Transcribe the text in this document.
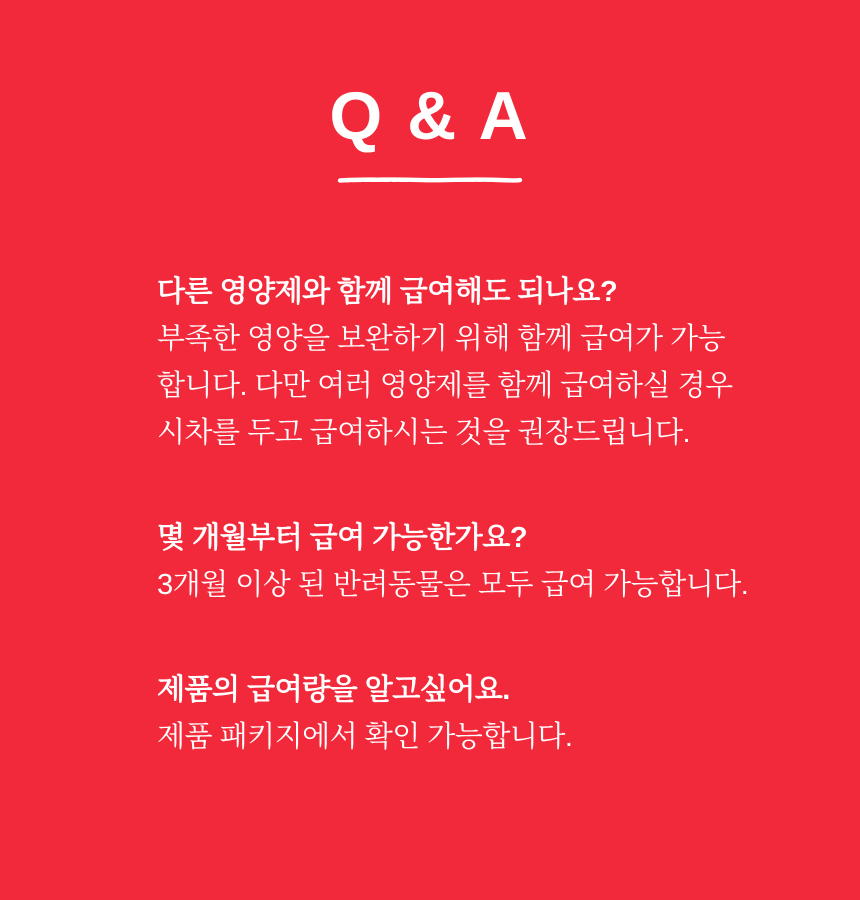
Q & A
다른 영양제와 함께 급여해도 되나요?
부족한 영양을 보완하기 위해 함께 급여가 가능
합니다. 다만 여러 영양제를 함께 급여하실 경우
시차를 두고 급여하시는 것을 권장드립니다.
몇 개월부터 급여 가능한가요?
3개월 이상 된 반려동물은 모두 급여 가능합니다.
제품의 급여량을 알고싶어요.
제품 패키지에서 확인 가능합니다.
